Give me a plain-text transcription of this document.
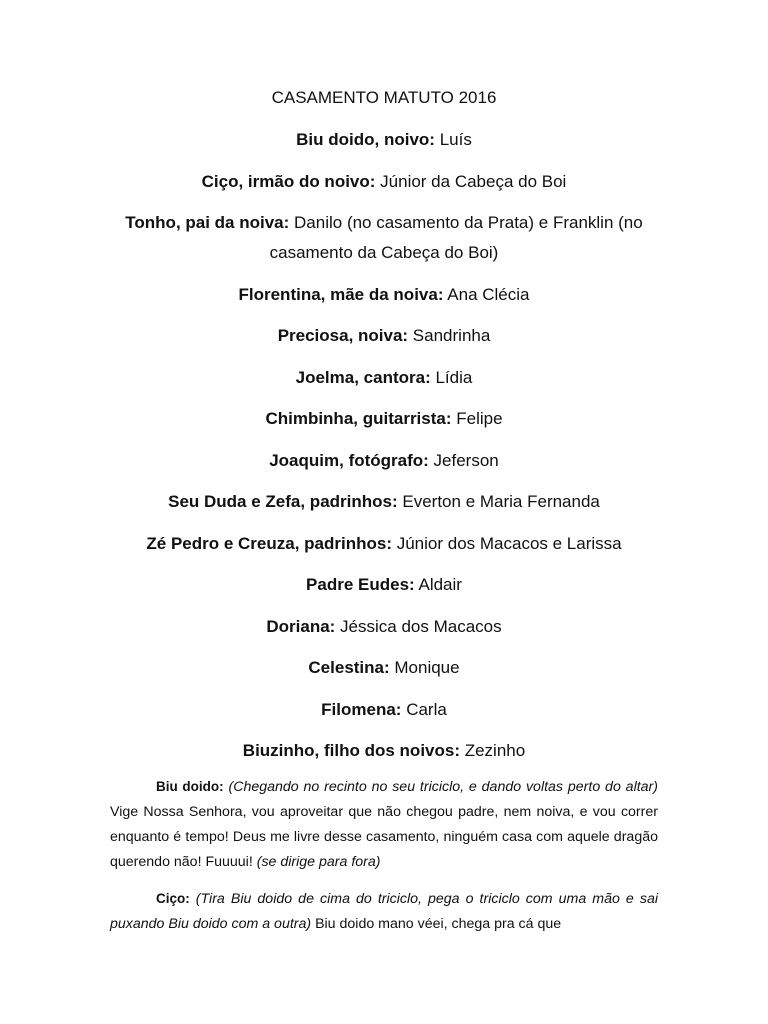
CASAMENTO MATUTO 2016
Biu doido, noivo: Luís
Ciço, irmão do noivo: Júnior da Cabeça do Boi
Tonho, pai da noiva: Danilo (no casamento da Prata) e Franklin (no casamento da Cabeça do Boi)
Florentina, mãe da noiva: Ana Clécia
Preciosa, noiva: Sandrinha
Joelma, cantora: Lídia
Chimbinha, guitarrista: Felipe
Joaquim, fotógrafo: Jeferson
Seu Duda e Zefa, padrinhos: Everton e Maria Fernanda
Zé Pedro e Creuza, padrinhos: Júnior dos Macacos e Larissa
Padre Eudes: Aldair
Doriana: Jéssica dos Macacos
Celestina: Monique
Filomena: Carla
Biuzinho, filho dos noivos: Zezinho

Biu doido: (Chegando no recinto no seu triciclo, e dando voltas perto do altar) Vige Nossa Senhora, vou aproveitar que não chegou padre, nem noiva, e vou correr enquanto é tempo! Deus me livre desse casamento, ninguém casa com aquele dragão querendo não! Fuuuui! (se dirige para fora)

Ciço: (Tira Biu doido de cima do triciclo, pega o triciclo com uma mão e sai puxando Biu doido com a outra) Biu doido mano véei, chega pra cá que
